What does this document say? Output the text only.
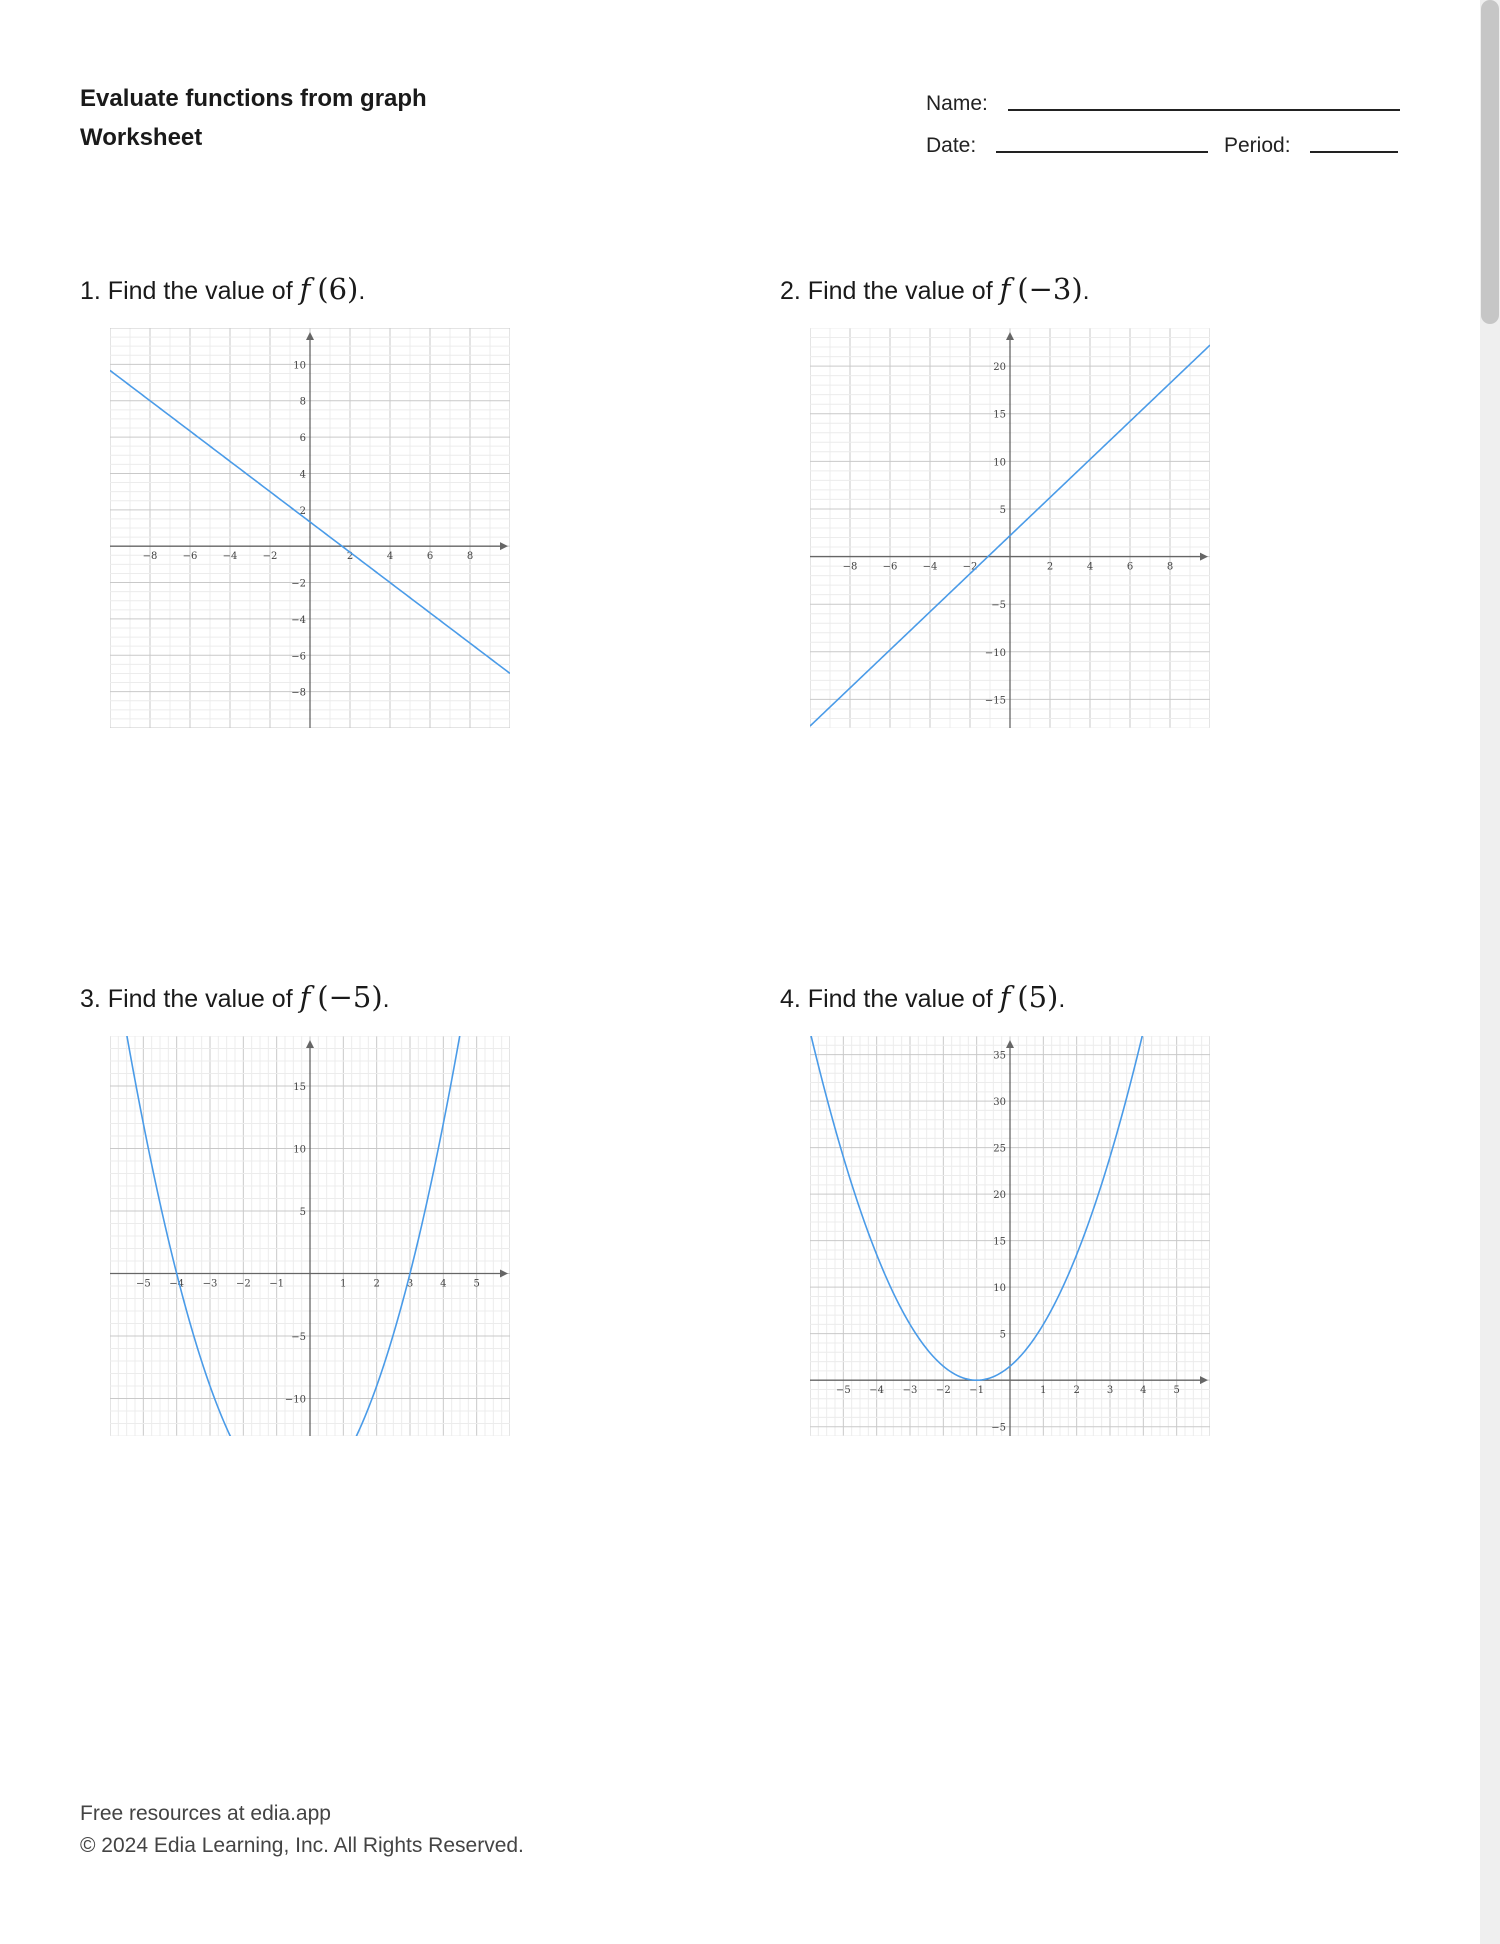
Evaluate functions from graph
Worksheet
Name:
Date:	Period:
1. Find the value of f (6).
−8	−6	−4	−2	2	4	6	8
−8
−6
−4
−2
2
4
6
8
10
2. Find the value of f (−3).
−8	−6	−4	−2	2	4	6	8
−15
−10
−5
5
10
15
20
3. Find the value of f (−5).
−5 −4 −3 −2 −1	1	2	3	4	5
−10
−5
5
10
15
4. Find the value of f (5).
−5 −4 −3 −2 −1	1	2	3	4	5
−5
5
10
15
20
25
30
35
Free resources at edia.app
© 2024 Edia Learning, Inc. All Rights Reserved.
